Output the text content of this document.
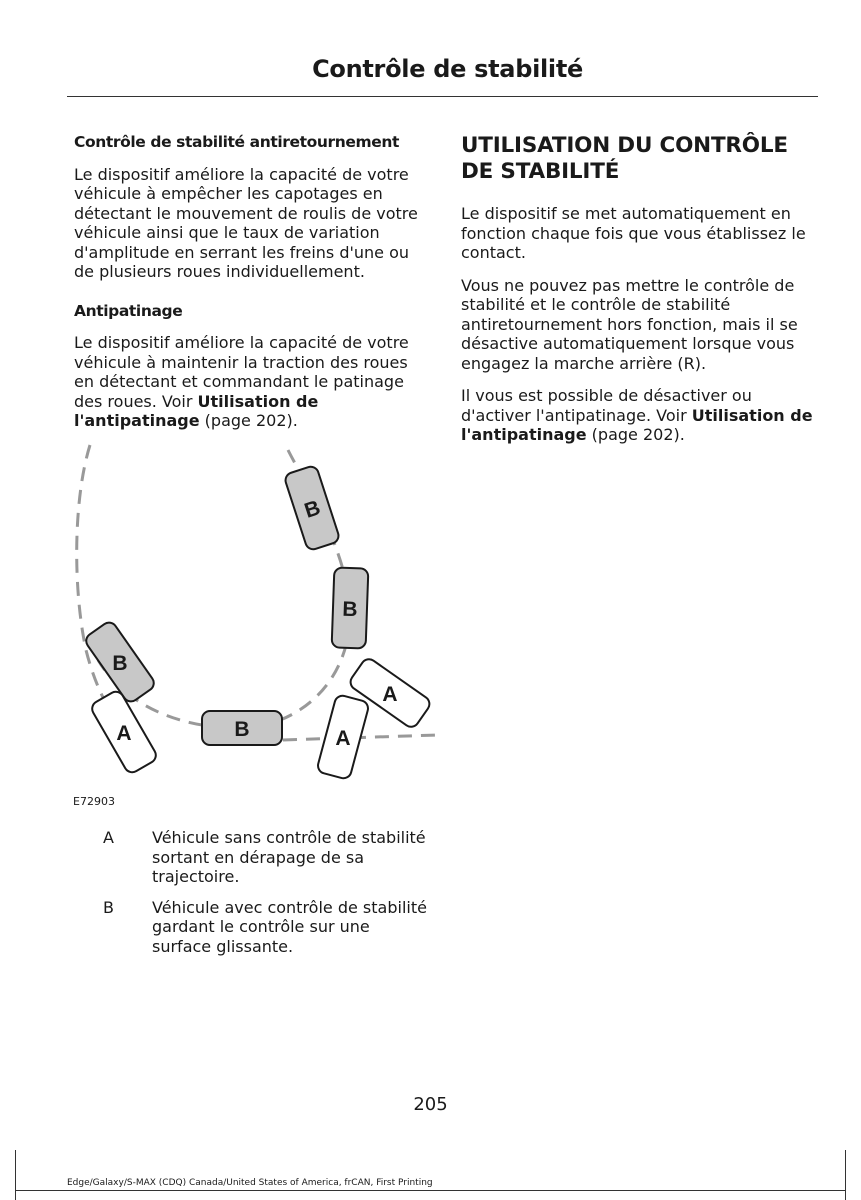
Contrôle de stabilité
Contrôle de stabilité antiretournement

Le dispositif améliore la capacité de votre véhicule à empêcher les capotages en détectant le mouvement de roulis de votre véhicule ainsi que le taux de variation d'amplitude en serrant les freins d'une ou de plusieurs roues individuellement.

Antipatinage

Le dispositif améliore la capacité de votre véhicule à maintenir la traction des roues en détectant et commandant le patinage des roues. Voir Utilisation de l'antipatinage (page 202).

UTILISATION DU CONTRÔLE DE STABILITÉ

Le dispositif se met automatiquement en fonction chaque fois que vous établissez le contact.

Vous ne pouvez pas mettre le contrôle de stabilité et le contrôle de stabilité antiretournement hors fonction, mais il se désactive automatiquement lorsque vous engagez la marche arrière (R).

Il vous est possible de désactiver ou d'activer l'antipatinage. Voir Utilisation de l'antipatinage (page 202).

B
B
B
B
A	A
A
E72903
A	Véhicule sans contrôle de stabilité sortant en dérapage de sa trajectoire.
B	Véhicule avec contrôle de stabilité gardant le contrôle sur une surface glissante.
205
Edge/Galaxy/S-MAX (CDQ) Canada/United States of America, frCAN, First Printing
